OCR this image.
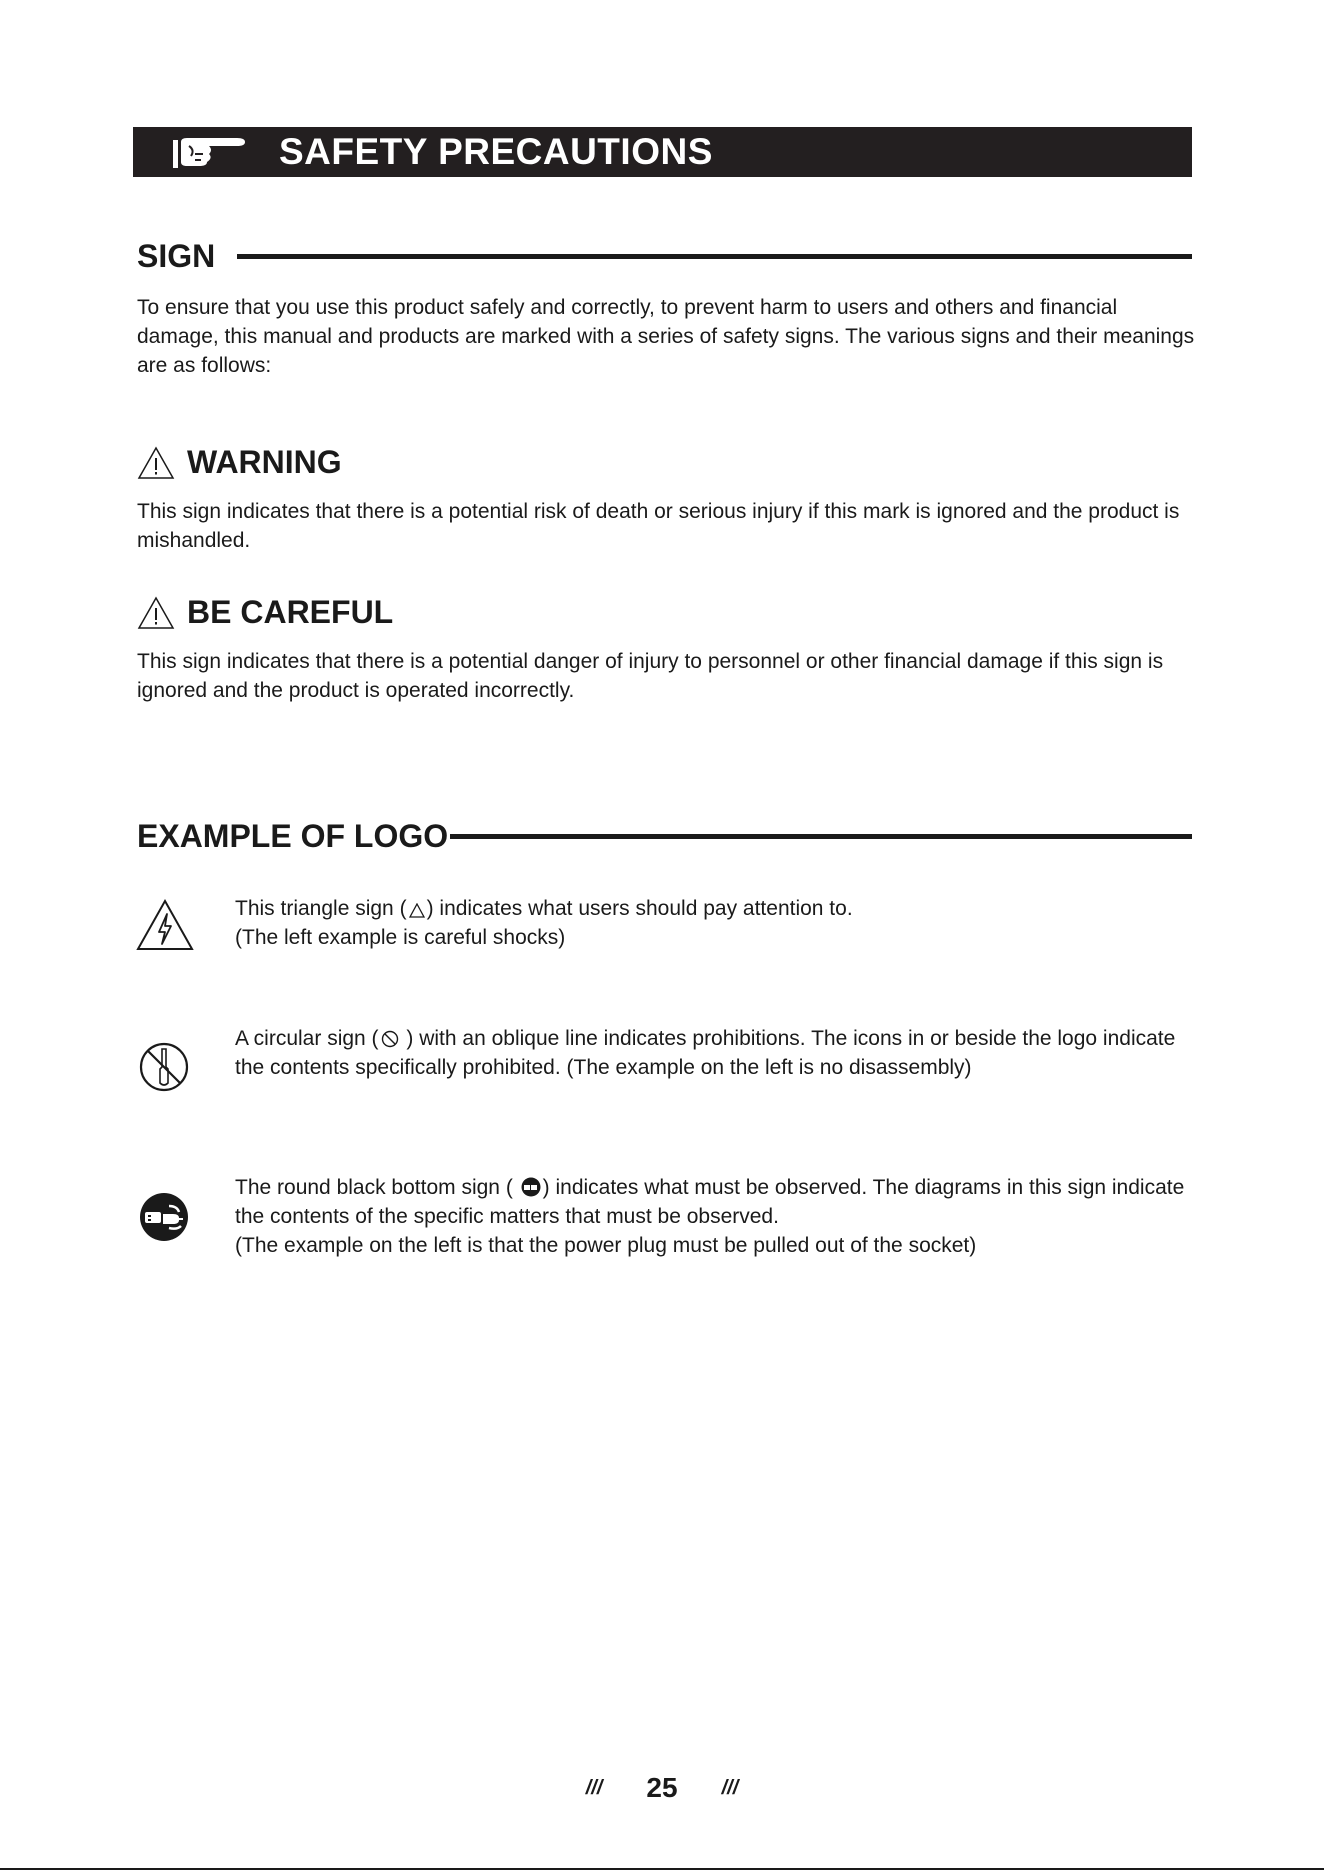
SAFETY PRECAUTIONS
SIGN
To ensure that you use this product safely and correctly, to prevent harm to users and others and financial damage, this manual and products are marked with a series of safety signs. The various signs and their meanings are as follows:
WARNING
This sign indicates that there is a potential risk of death or serious injury if this mark is ignored and the product is mishandled.
BE CAREFUL
This sign indicates that there is a potential danger of injury to personnel or other financial damage if this sign is ignored and the product is operated incorrectly.
EXAMPLE OF LOGO
This triangle sign ( ) indicates what users should pay attention to.
(The left example is careful shocks)
A circular sign ( ) with an oblique line indicates prohibitions. The icons in or beside the logo indicate the contents specifically prohibited. (The example on the left is no disassembly)
The round black bottom sign ( ) indicates what must be observed. The diagrams in this sign indicate the contents of the specific matters that must be observed.
(The example on the left is that the power plug must be pulled out of the socket)
/// 25 ///
